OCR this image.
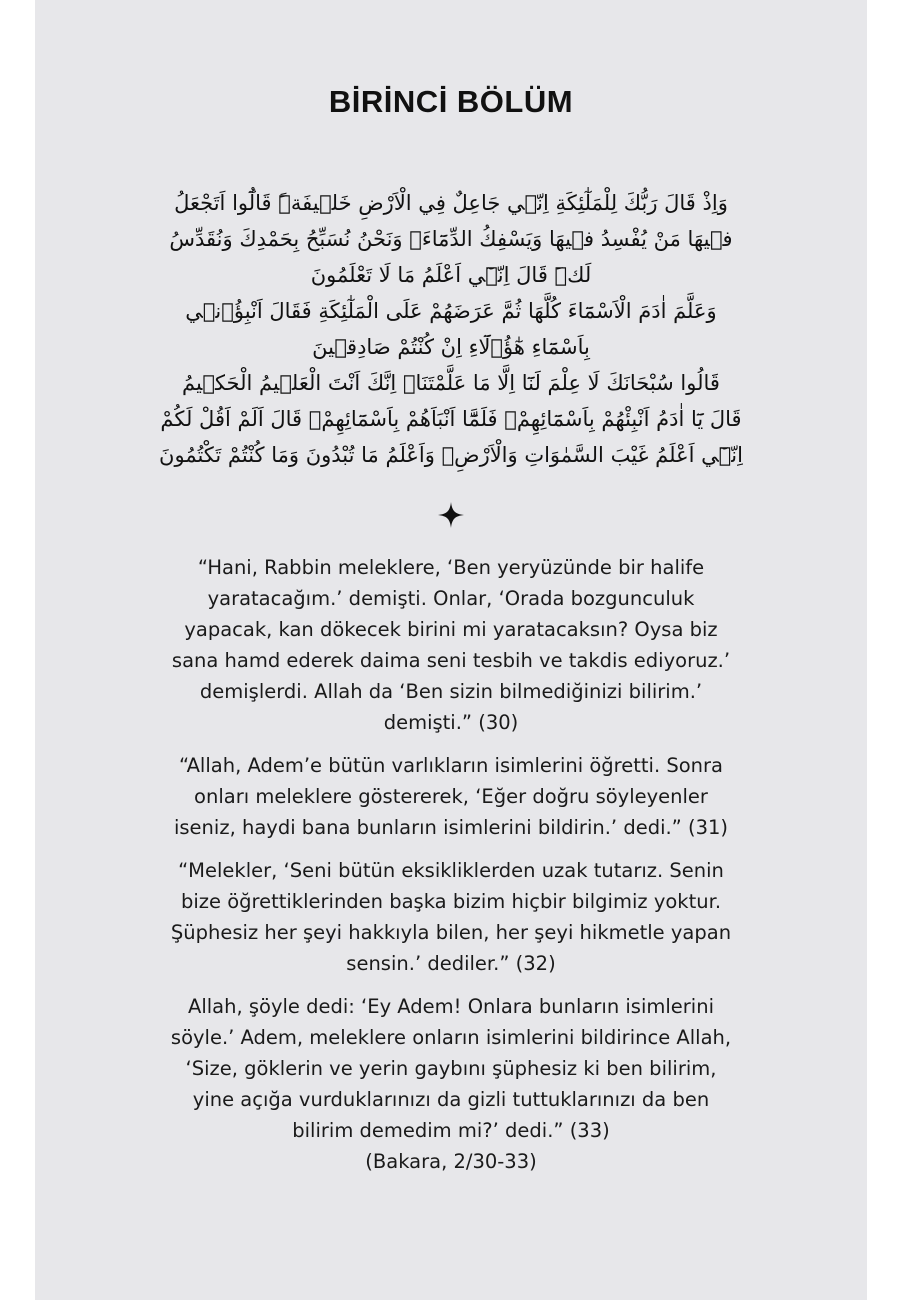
BİRİNCİ BÖLÜM

وَاِذْ قَالَ رَبُّكَ لِلْمَلٰٓئِكَةِ اِنّ۪ي جَاعِلٌ فِي الْاَرْضِ خَل۪يفَةًۜ قَالُٓوا اَتَجْعَلُ ف۪يهَا مَنْ يُفْسِدُ ف۪يهَا وَيَسْفِكُ الدِّمَٓاءَۚ وَنَحْنُ نُسَبِّحُ بِحَمْدِكَ وَنُقَدِّسُ لَكَۜ قَالَ اِنّ۪ٓي اَعْلَمُ مَا لَا تَعْلَمُونَ

وَعَلَّمَ اٰدَمَ الْاَسْمَٓاءَ كُلَّهَا ثُمَّ عَرَضَهُمْ عَلَى الْمَلٰٓئِكَةِ فَقَالَ اَنْبِؤُ۫ن۪ي بِاَسْمَٓاءِ هٰٓؤُ۬لَٓاءِ اِنْ كُنْتُمْ صَادِق۪ينَ

قَالُوا سُبْحَانَكَ لَا عِلْمَ لَنَٓا اِلَّا مَا عَلَّمْتَنَاۜ اِنَّكَ اَنْتَ الْعَل۪يمُ الْحَك۪يمُ

قَالَ يَٓا اٰدَمُ اَنْبِئْهُمْ بِاَسْمَٓائِهِمْۚ فَلَمَّٓا اَنْبَاَهُمْ بِاَسْمَٓائِهِمْۙ قَالَ اَلَمْ اَقُلْ لَكُمْ اِنّ۪ٓي اَعْلَمُ غَيْبَ السَّمٰوَاتِ وَالْاَرْضِۙ وَاَعْلَمُ مَا تُبْدُونَ وَمَا كُنْتُمْ تَكْتُمُونَ

“Hani, Rabbin meleklere, ‘Ben yeryüzünde bir halife yaratacağım.’ demişti. Onlar, ‘Orada bozgunculuk yapacak, kan dökecek birini mi yaratacaksın? Oysa biz sana hamd ederek daima seni tesbih ve takdis ediyoruz.’ demişlerdi. Allah da ‘Ben sizin bilmediğinizi bilirim.’ demişti.” (30)

“Allah, Adem’e bütün varlıkların isimlerini öğretti. Sonra onları meleklere göstererek, ‘Eğer doğru söyleyenler iseniz, haydi bana bunların isimlerini bildirin.’ dedi.” (31)

“Melekler, ‘Seni bütün eksikliklerden uzak tutarız. Senin bize öğrettiklerinden başka bizim hiçbir bilgimiz yoktur. Şüphesiz her şeyi hakkıyla bilen, her şeyi hikmetle yapan sensin.’ dediler.” (32)

Allah, şöyle dedi: ‘Ey Adem! Onlara bunların isimlerini söyle.’ Adem, meleklere onların isimlerini bildirince Allah, ‘Size, göklerin ve yerin gaybını şüphesiz ki ben bilirim, yine açığa vurduklarınızı da gizli tuttuklarınızı da ben bilirim demedim mi?’ dedi.” (33)

(Bakara, 2/30-33)
